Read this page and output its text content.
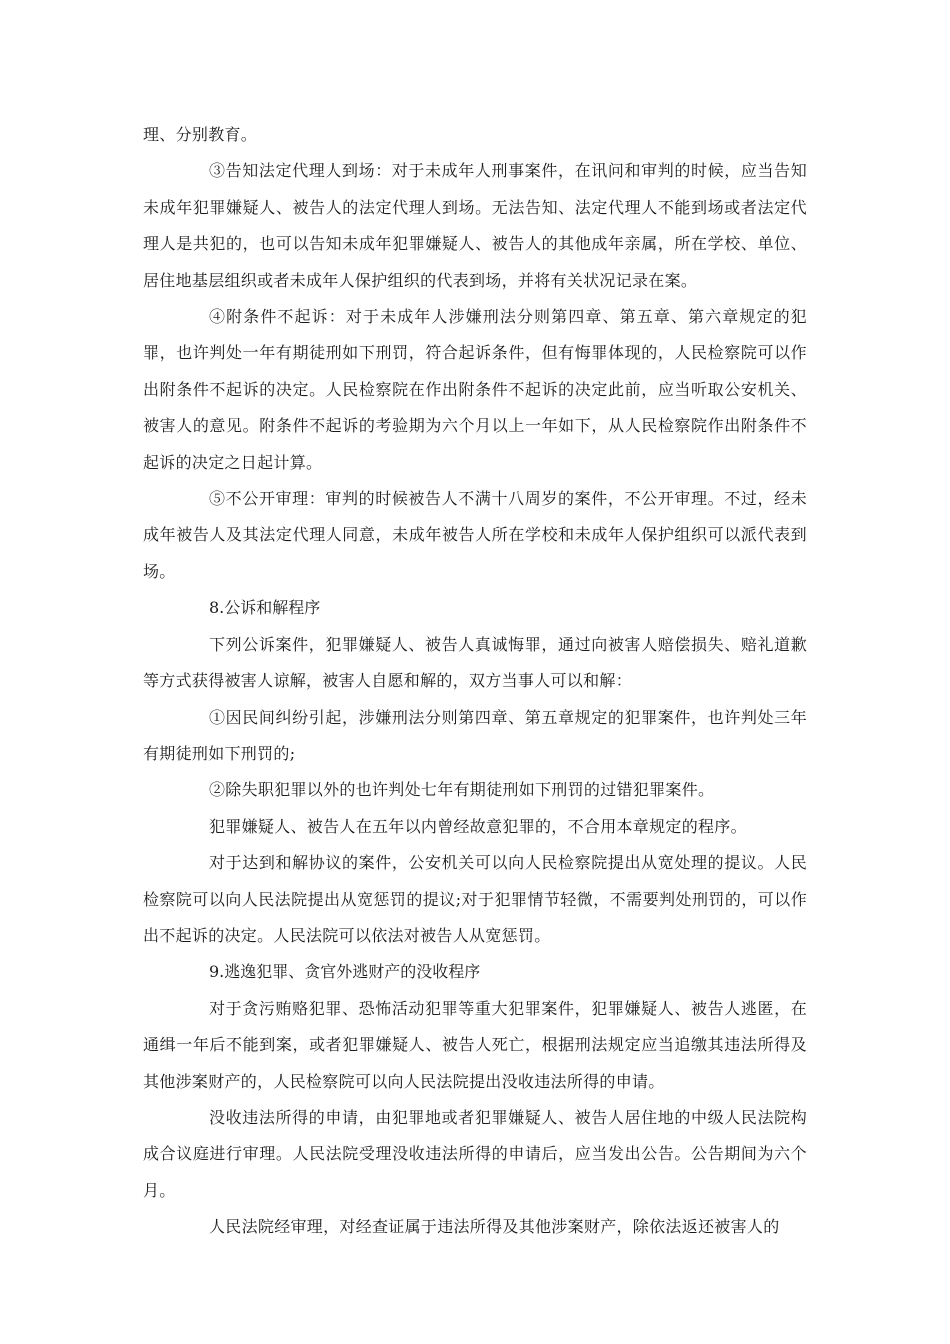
理、分别教育。

③告知法定代理人到场：对于未成年人刑事案件，在讯问和审判的时候，应当告知未成年犯罪嫌疑人、被告人的法定代理人到场。无法告知、法定代理人不能到场或者法定代理人是共犯的，也可以告知未成年犯罪嫌疑人、被告人的其他成年亲属，所在学校、单位、居住地基层组织或者未成年人保护组织的代表到场，并将有关状况记录在案。

④附条件不起诉：对于未成年人涉嫌刑法分则第四章、第五章、第六章规定的犯罪，也许判处一年有期徒刑如下刑罚，符合起诉条件，但有悔罪体现的，人民检察院可以作出附条件不起诉的决定。人民检察院在作出附条件不起诉的决定此前，应当听取公安机关、被害人的意见。附条件不起诉的考验期为六个月以上一年如下，从人民检察院作出附条件不起诉的决定之日起计算。

⑤不公开审理：审判的时候被告人不满十八周岁的案件，不公开审理。不过，经未成年被告人及其法定代理人同意，未成年被告人所在学校和未成年人保护组织可以派代表到场。

8.公诉和解程序

下列公诉案件，犯罪嫌疑人、被告人真诚悔罪，通过向被害人赔偿损失、赔礼道歉等方式获得被害人谅解，被害人自愿和解的，双方当事人可以和解：

①因民间纠纷引起，涉嫌刑法分则第四章、第五章规定的犯罪案件，也许判处三年有期徒刑如下刑罚的;

②除失职犯罪以外的也许判处七年有期徒刑如下刑罚的过错犯罪案件。

犯罪嫌疑人、被告人在五年以内曾经故意犯罪的，不合用本章规定的程序。

对于达到和解协议的案件，公安机关可以向人民检察院提出从宽处理的提议。人民检察院可以向人民法院提出从宽惩罚的提议;对于犯罪情节轻微，不需要判处刑罚的，可以作出不起诉的决定。人民法院可以依法对被告人从宽惩罚。

9.逃逸犯罪、贪官外逃财产的没收程序

对于贪污贿赂犯罪、恐怖活动犯罪等重大犯罪案件，犯罪嫌疑人、被告人逃匿，在通缉一年后不能到案，或者犯罪嫌疑人、被告人死亡，根据刑法规定应当追缴其违法所得及其他涉案财产的，人民检察院可以向人民法院提出没收违法所得的申请。

没收违法所得的申请，由犯罪地或者犯罪嫌疑人、被告人居住地的中级人民法院构成合议庭进行审理。人民法院受理没收违法所得的申请后，应当发出公告。公告期间为六个月。

人民法院经审理，对经查证属于违法所得及其他涉案财产，除依法返还被害人的
